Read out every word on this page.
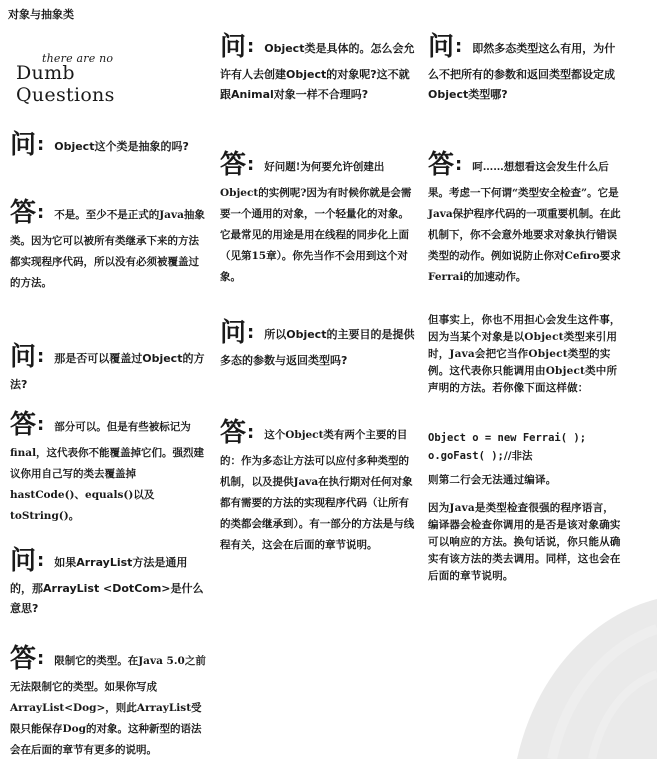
对象与抽象类
there are no
Dumb Questions
问 : Object这个类是抽象的吗?
答 : 不是。至少不是正式的Java抽象类。因为它可以被所有类继承下来的方法都实现程序代码，所以没有必须被覆盖过的方法。
问 : 那是否可以覆盖过Object的方法?
答 : 部分可以。但是有些被标记为final，这代表你不能覆盖掉它们。强烈建议你用自己写的类去覆盖掉hastCode()、equals()以及toString()。
问 : 如果ArrayList方法是通用的，那ArrayList <DotCom>是什么意思?
答 : 限制它的类型。在Java 5.0之前无法限制它的类型。如果你写成ArrayList<Dog>，则此ArrayList受限只能保存Dog的对象。这种新型的语法会在后面的章节有更多的说明。
问 : Object类是具体的。怎么会允许有人去创建Object的对象呢?这不就跟Animal对象一样不合理吗?
答 : 好问题!为何要允许创建出Object的实例呢?因为有时候你就是会需要一个通用的对象，一个轻量化的对象。它最常见的用途是用在线程的同步化上面（见第15章）。你先当作不会用到这个对象。
问 : 所以Object的主要目的是提供多态的参数与返回类型吗?
答 : 这个Object类有两个主要的目的：作为多态让方法可以应付多种类型的机制，以及提供Java在执行期对任何对象都有需要的方法的实现程序代码（让所有的类都会继承到）。有一部分的方法是与线程有关，这会在后面的章节说明。
问 : 即然多态类型这么有用，为什么不把所有的参数和返回类型都设定成Object类型哪?
答 : 呵……想想看这会发生什么后果。考虑一下何谓“类型安全检查”。它是Java保护程序代码的一项重要机制。在此机制下，你不会意外地要求对象执行错误类型的动作。例如说防止你对Cefiro要求Ferrai的加速动作。
但事实上，你也不用担心会发生这件事，因为当某个对象是以Object类型来引用时，Java会把它当作Object类型的实例。这代表你只能调用由Object类中所声明的方法。若你像下面这样做：
Object o = new Ferrai( );
o.goFast( );//非法
则第二行会无法通过编译。
因为Java是类型检查很强的程序语言，编译器会检查你调用的是否是该对象确实可以响应的方法。换句话说，你只能从确实有该方法的类去调用。同样，这也会在后面的章节说明。
